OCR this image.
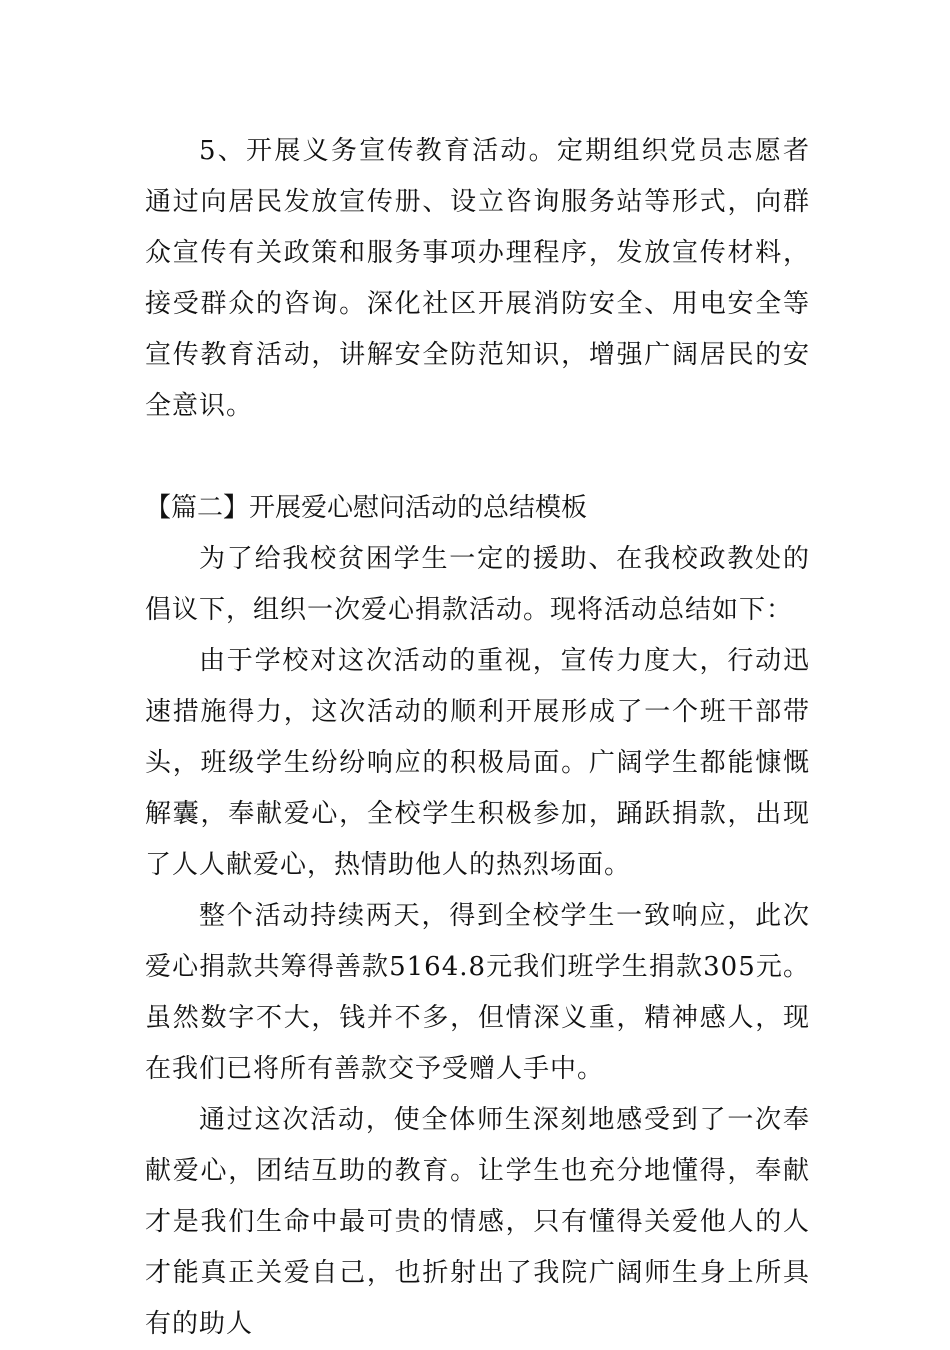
5、开展义务宣传教育活动。定期组织党员志愿者通过向居民发放宣传册、设立咨询服务站等形式，向群众宣传有关政策和服务事项办理程序，发放宣传材料，接受群众的咨询。深化社区开展消防安全、用电安全等宣传教育活动，讲解安全防范知识，增强广阔居民的安全意识。

【篇二】开展爱心慰问活动的总结模板

为了给我校贫困学生一定的援助、在我校政教处的倡议下，组织一次爱心捐款活动。现将活动总结如下：

由于学校对这次活动的重视，宣传力度大，行动迅速措施得力，这次活动的顺利开展形成了一个班干部带头，班级学生纷纷响应的积极局面。广阔学生都能慷慨解囊，奉献爱心，全校学生积极参加，踊跃捐款，出现了人人献爱心，热情助他人的热烈场面。

整个活动持续两天，得到全校学生一致响应，此次爱心捐款共筹得善款5164.8元我们班学生捐款305元。虽然数字不大，钱并不多，但情深义重，精神感人，现在我们已将所有善款交予受赠人手中。

通过这次活动，使全体师生深刻地感受到了一次奉献爱心，团结互助的教育。让学生也充分地懂得，奉献才是我们生命中最可贵的情感，只有懂得关爱他人的人才能真正关爱自己，也折射出了我院广阔师生身上所具有的助人
